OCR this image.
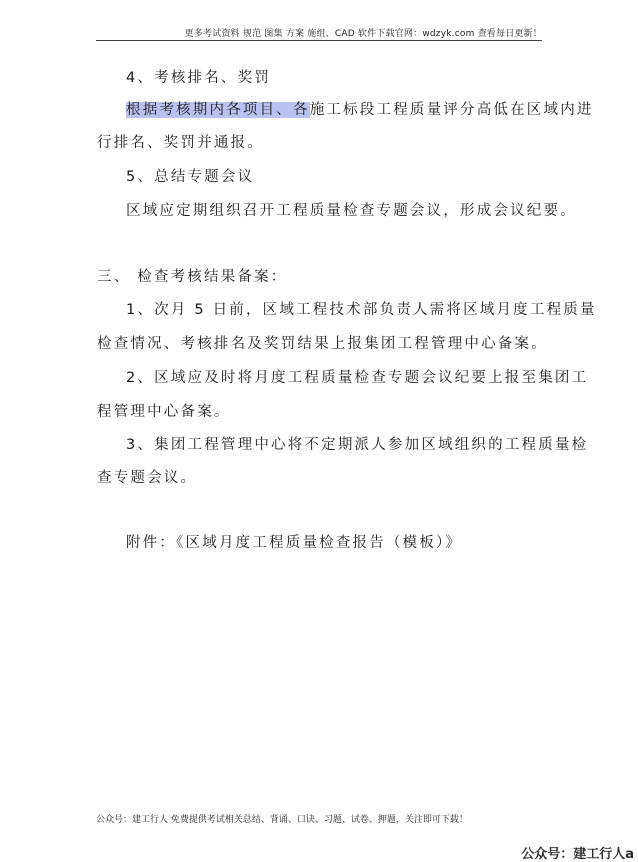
更多考试资料 规范 图集 方案 施组、CAD 软件下载官网：wdzyk.com 查看每日更新！
4、考核排名、奖罚
根据考核期内各项目、各施工标段工程质量评分高低在区域内进
行排名、奖罚并通报。
5、总结专题会议
区域应定期组织召开工程质量检查专题会议，形成会议纪要。
三、 检查考核结果备案：
1、次月 5 日前，区域工程技术部负责人需将区域月度工程质量
检查情况、考核排名及奖罚结果上报集团工程管理中心备案。
2、区域应及时将月度工程质量检查专题会议纪要上报至集团工
程管理中心备案。
3、集团工程管理中心将不定期派人参加区域组织的工程质量检
查专题会议。
附件：《区域月度工程质量检查报告（模板）》
公众号：建工行人 免费提供考试相关总结、背诵、口诀、习题、试卷、押题，关注即可下载！
公众号：建工行人a
